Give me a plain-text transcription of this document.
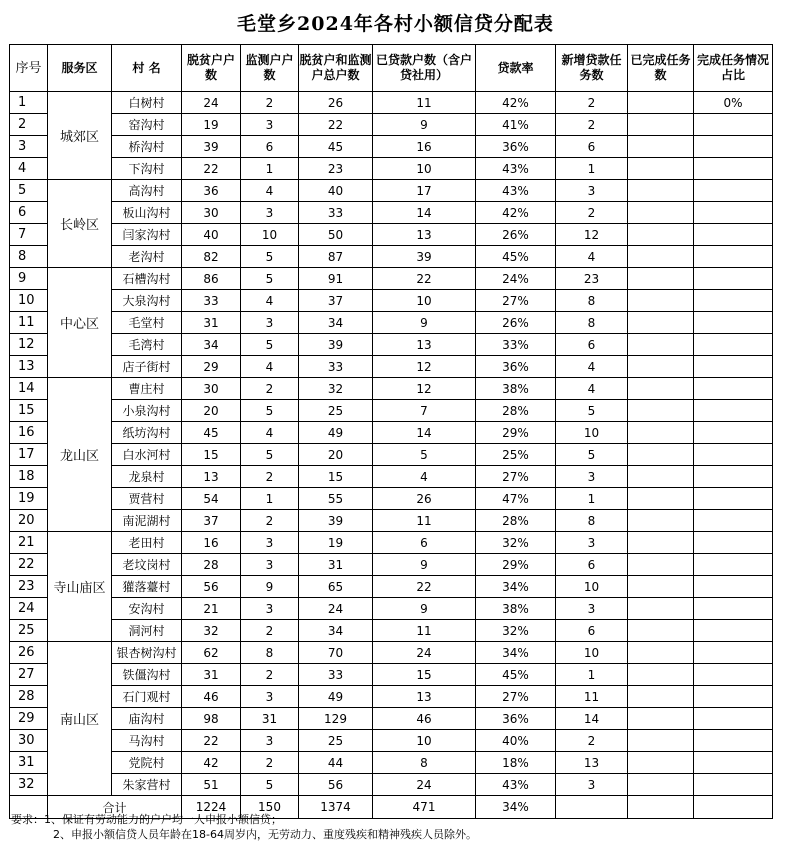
毛堂乡2024年各村小额信贷分配表
序号	服务区	村 名	脱贫户户数	监测户户数	脱贫户和监测户总户数	已贷款户数（含户贷社用）	贷款率	新增贷款任务数	已完成任务数	完成任务情况占比
1	城郊区	白树村	24	2	26	11	42%	2		0%
2		窑沟村	19	3	22	9	41%	2		
3		桥沟村	39	6	45	16	36%	6		
4		下沟村	22	1	23	10	43%	1		
5	长岭区	高沟村	36	4	40	17	43%	3		
6		板山沟村	30	3	33	14	42%	2		
7		闫家沟村	40	10	50	13	26%	12		
8		老沟村	82	5	87	39	45%	4		
9	中心区	石槽沟村	86	5	91	22	24%	23		
10		大泉沟村	33	4	37	10	27%	8		
11		毛堂村	31	3	34	9	26%	8		
12		毛湾村	34	5	39	13	33%	6		
13		店子街村	29	4	33	12	36%	4		
14	龙山区	曹庄村	30	2	32	12	38%	4		
15		小泉沟村	20	5	25	7	28%	5		
16		纸坊沟村	45	4	49	14	29%	10		
17		白水河村	15	5	20	5	25%	5		
18		龙泉村	13	2	15	4	27%	3		
19		贾营村	54	1	55	26	47%	1		
20		南泥湖村	37	2	39	11	28%	8		
21	寺山庙区	老田村	16	3	19	6	32%	3		
22		老坟岗村	28	3	31	9	29%	6		
23		獾落薹村	56	9	65	22	34%	10		
24		安沟村	21	3	24	9	38%	3		
25		洞河村	32	2	34	11	32%	6		
26	南山区	银杏树沟村	62	8	70	24	34%	10		
27		铁僵沟村	31	2	33	15	45%	1		
28		石门观村	46	3	49	13	27%	11		
29		庙沟村	98	31	129	46	36%	14		
30		马沟村	22	3	25	10	40%	2		
31		党院村	42	2	44	8	18%	13		
32		朱家营村	51	5	56	24	43%	3		
	合计		1224	150	1374	471	34%			
要求：1、保证有劳动能力的户户均一人申报小额信贷；
2、申报小额信贷人员年龄在18-64周岁内，无劳动力、重度残疾和精神残疾人员除外。
